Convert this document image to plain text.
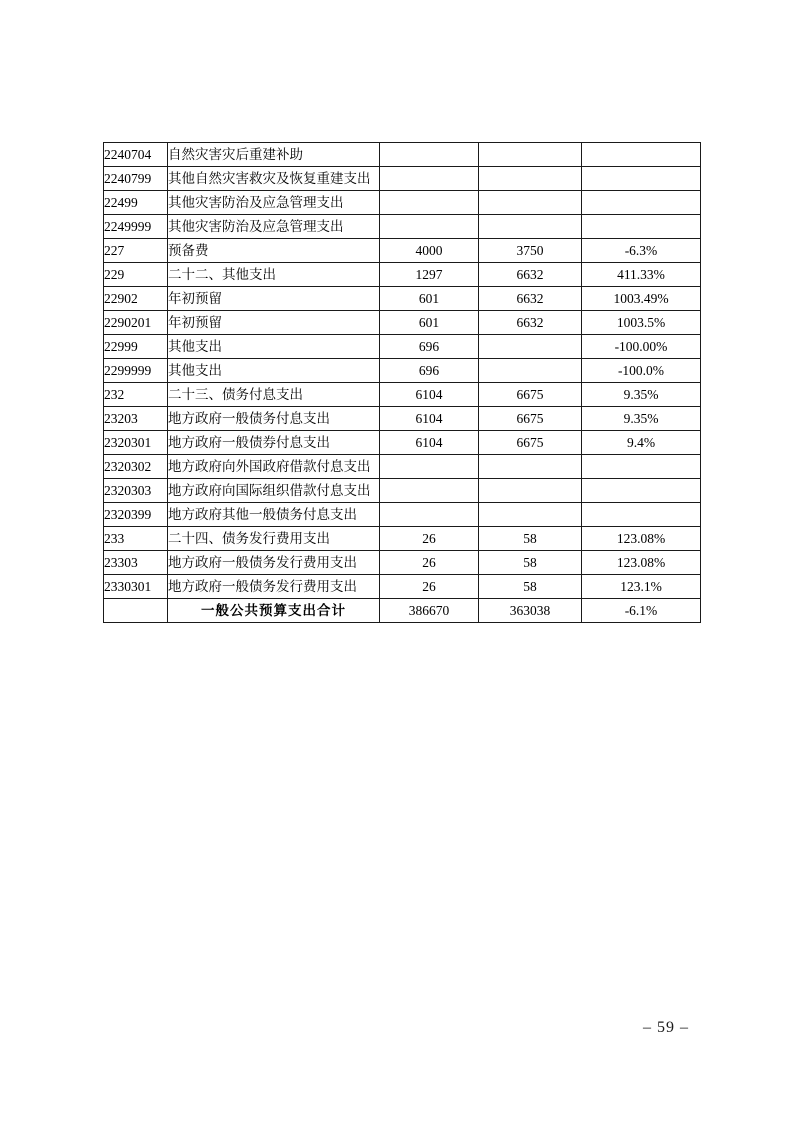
2240704	自然灾害灾后重建补助			
2240799	其他自然灾害救灾及恢复重建支出			
22499	其他灾害防治及应急管理支出			
2249999	其他灾害防治及应急管理支出			
227	预备费	4000	3750	-6.3%
229	二十二、其他支出	1297	6632	411.33%
22902	年初预留	601	6632	1003.49%
2290201	年初预留	601	6632	1003.5%
22999	其他支出	696		-100.00%
2299999	其他支出	696		-100.0%
232	二十三、债务付息支出	6104	6675	9.35%
23203	地方政府一般债务付息支出	6104	6675	9.35%
2320301	地方政府一般债券付息支出	6104	6675	9.4%
2320302	地方政府向外国政府借款付息支出			
2320303	地方政府向国际组织借款付息支出			
2320399	地方政府其他一般债务付息支出			
233	二十四、债务发行费用支出	26	58	123.08%
23303	地方政府一般债务发行费用支出	26	58	123.08%
2330301	地方政府一般债务发行费用支出	26	58	123.1%
	一般公共预算支出合计	386670	363038	-6.1%
– 59 –
